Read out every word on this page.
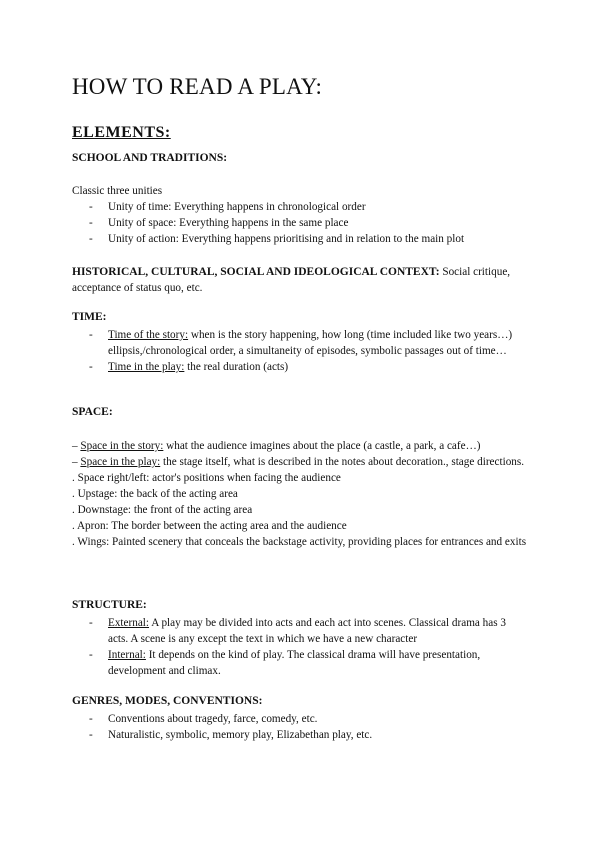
HOW TO READ A PLAY:
ELEMENTS:

SCHOOL AND TRADITIONS:

Classic three unities

- Unity of time: Everything happens in chronological order
- Unity of space: Everything happens in the same place
- Unity of action: Everything happens prioritising and in relation to the main plot

HISTORICAL, CULTURAL, SOCIAL AND IDEOLOGICAL CONTEXT: Social critique, acceptance of status quo, etc.

TIME:

- Time of the story: when is the story happening, how long (time included like two years…) ellipsis,/chronological order, a simultaneity of episodes, symbolic passages out of time…
- Time in the play: the real duration (acts)

SPACE:

– Space in the story: what the audience imagines about the place (a castle, a park, a cafe…)

– Space in the play: the stage itself, what is described in the notes about decoration., stage directions.

. Space right/left: actor's positions when facing the audience

. Upstage: the back of the acting area

. Downstage: the front of the acting area

. Apron: The border between the acting area and the audience

. Wings: Painted scenery that conceals the backstage activity, providing places for entrances and exits

STRUCTURE:

- External: A play may be divided into acts and each act into scenes. Classical drama has 3 acts. A scene is any except the text in which we have a new character
- Internal: It depends on the kind of play. The classical drama will have presentation, development and climax.

GENRES, MODES, CONVENTIONS:

- Conventions about tragedy, farce, comedy, etc.
- Naturalistic, symbolic, memory play, Elizabethan play, etc.
